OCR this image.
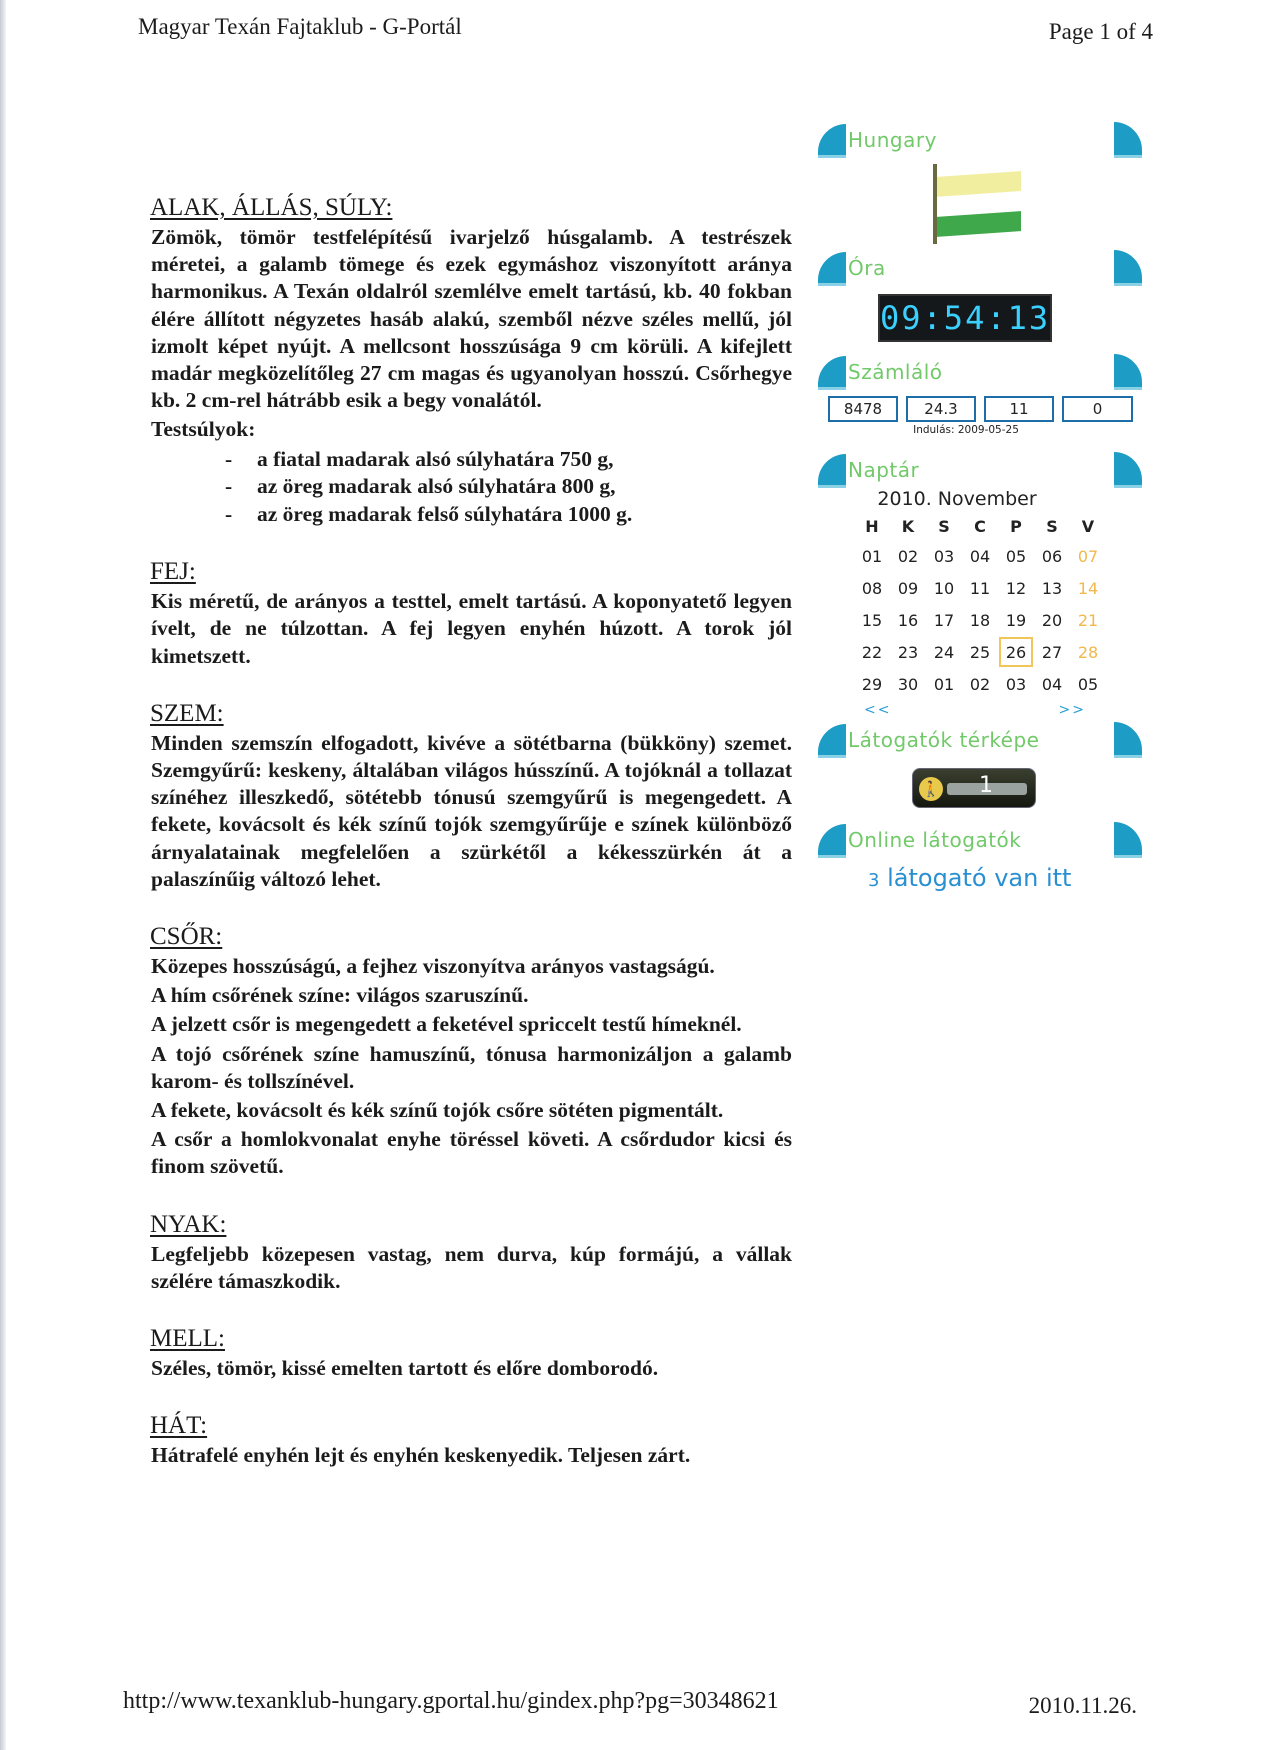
Magyar Texán Fajtaklub - G-Portál	Page 1 of 4
ALAK, ÁLLÁS, SÚLY:

Zömök, tömör testfelépítésű ivarjelző húsgalamb. A testrészek méretei, a galamb tömege és ezek egymáshoz viszonyított aránya harmonikus. A Texán oldalról szemlélve emelt tartású, kb. 40 fokban élére állított négyzetes hasáb alakú, szemből nézve széles mellű, jól izmolt képet nyújt. A mellcsont hosszúsága 9 cm körüli. A kifejlett madár megközelítőleg 27 cm magas és ugyanolyan hosszú. Csőrhegye kb. 2 cm-rel hátrább esik a begy vonalától.

Testsúlyok:

- a fiatal madarak alsó súlyhatára 750 g,
- az öreg madarak alsó súlyhatára 800 g,
- az öreg madarak felső súlyhatára 1000 g.
FEJ:

Kis méretű, de arányos a testtel, emelt tartású. A koponyatető legyen ívelt, de ne túlzottan. A fej legyen enyhén húzott. A torok jól kimetszett.

SZEM:

Minden szemszín elfogadott, kivéve a sötétbarna (bükköny) szemet. Szemgyűrű: keskeny, általában világos hússzínű. A tojóknál a tollazat színéhez illeszkedő, sötétebb tónusú szemgyűrű is megengedett. A fekete, kovácsolt és kék színű tojók szemgyűrűje e színek különböző árnyalatainak megfelelően a szürkétől a kékesszürkén át a palaszínűig változó lehet.

CSŐR:

Közepes hosszúságú, a fejhez viszonyítva arányos vastagságú.

A hím csőrének színe: világos szaruszínű.

A jelzett csőr is megengedett a feketével spriccelt testű hímeknél.

A tojó csőrének színe hamuszínű, tónusa harmonizáljon a galamb karom- és tollszínével.

A fekete, kovácsolt és kék színű tojók csőre sötéten pigmentált.

A csőr a homlokvonalat enyhe töréssel követi. A csőrdudor kicsi és finom szövetű.

NYAK:

Legfeljebb közepesen vastag, nem durva, kúp formájú, a vállak szélére támaszkodik.

MELL:

Széles, tömör, kissé emelten tartott és előre domborodó.

HÁT:

Hátrafelé enyhén lejt és enyhén keskenyedik. Teljesen zárt.

Hungary
Óra
09:54:13
Számláló
8478	24.3	11	0
Indulás: 2009-05-25
Naptár
2010. November
H	K	S	C	P	S	V
01	02	03	04	05	06	07
08	09	10	11	12	13	14
15	16	17	18	19	20	21
22	23	24	25	26	27	28
29	30	01	02	03	04	05
<<	>>
Látogatók térképe
🚶 1
Online látogatók
3 látogató van itt
http://www.texanklub-hungary.gportal.hu/gindex.php?pg=30348621	2010.11.26.
